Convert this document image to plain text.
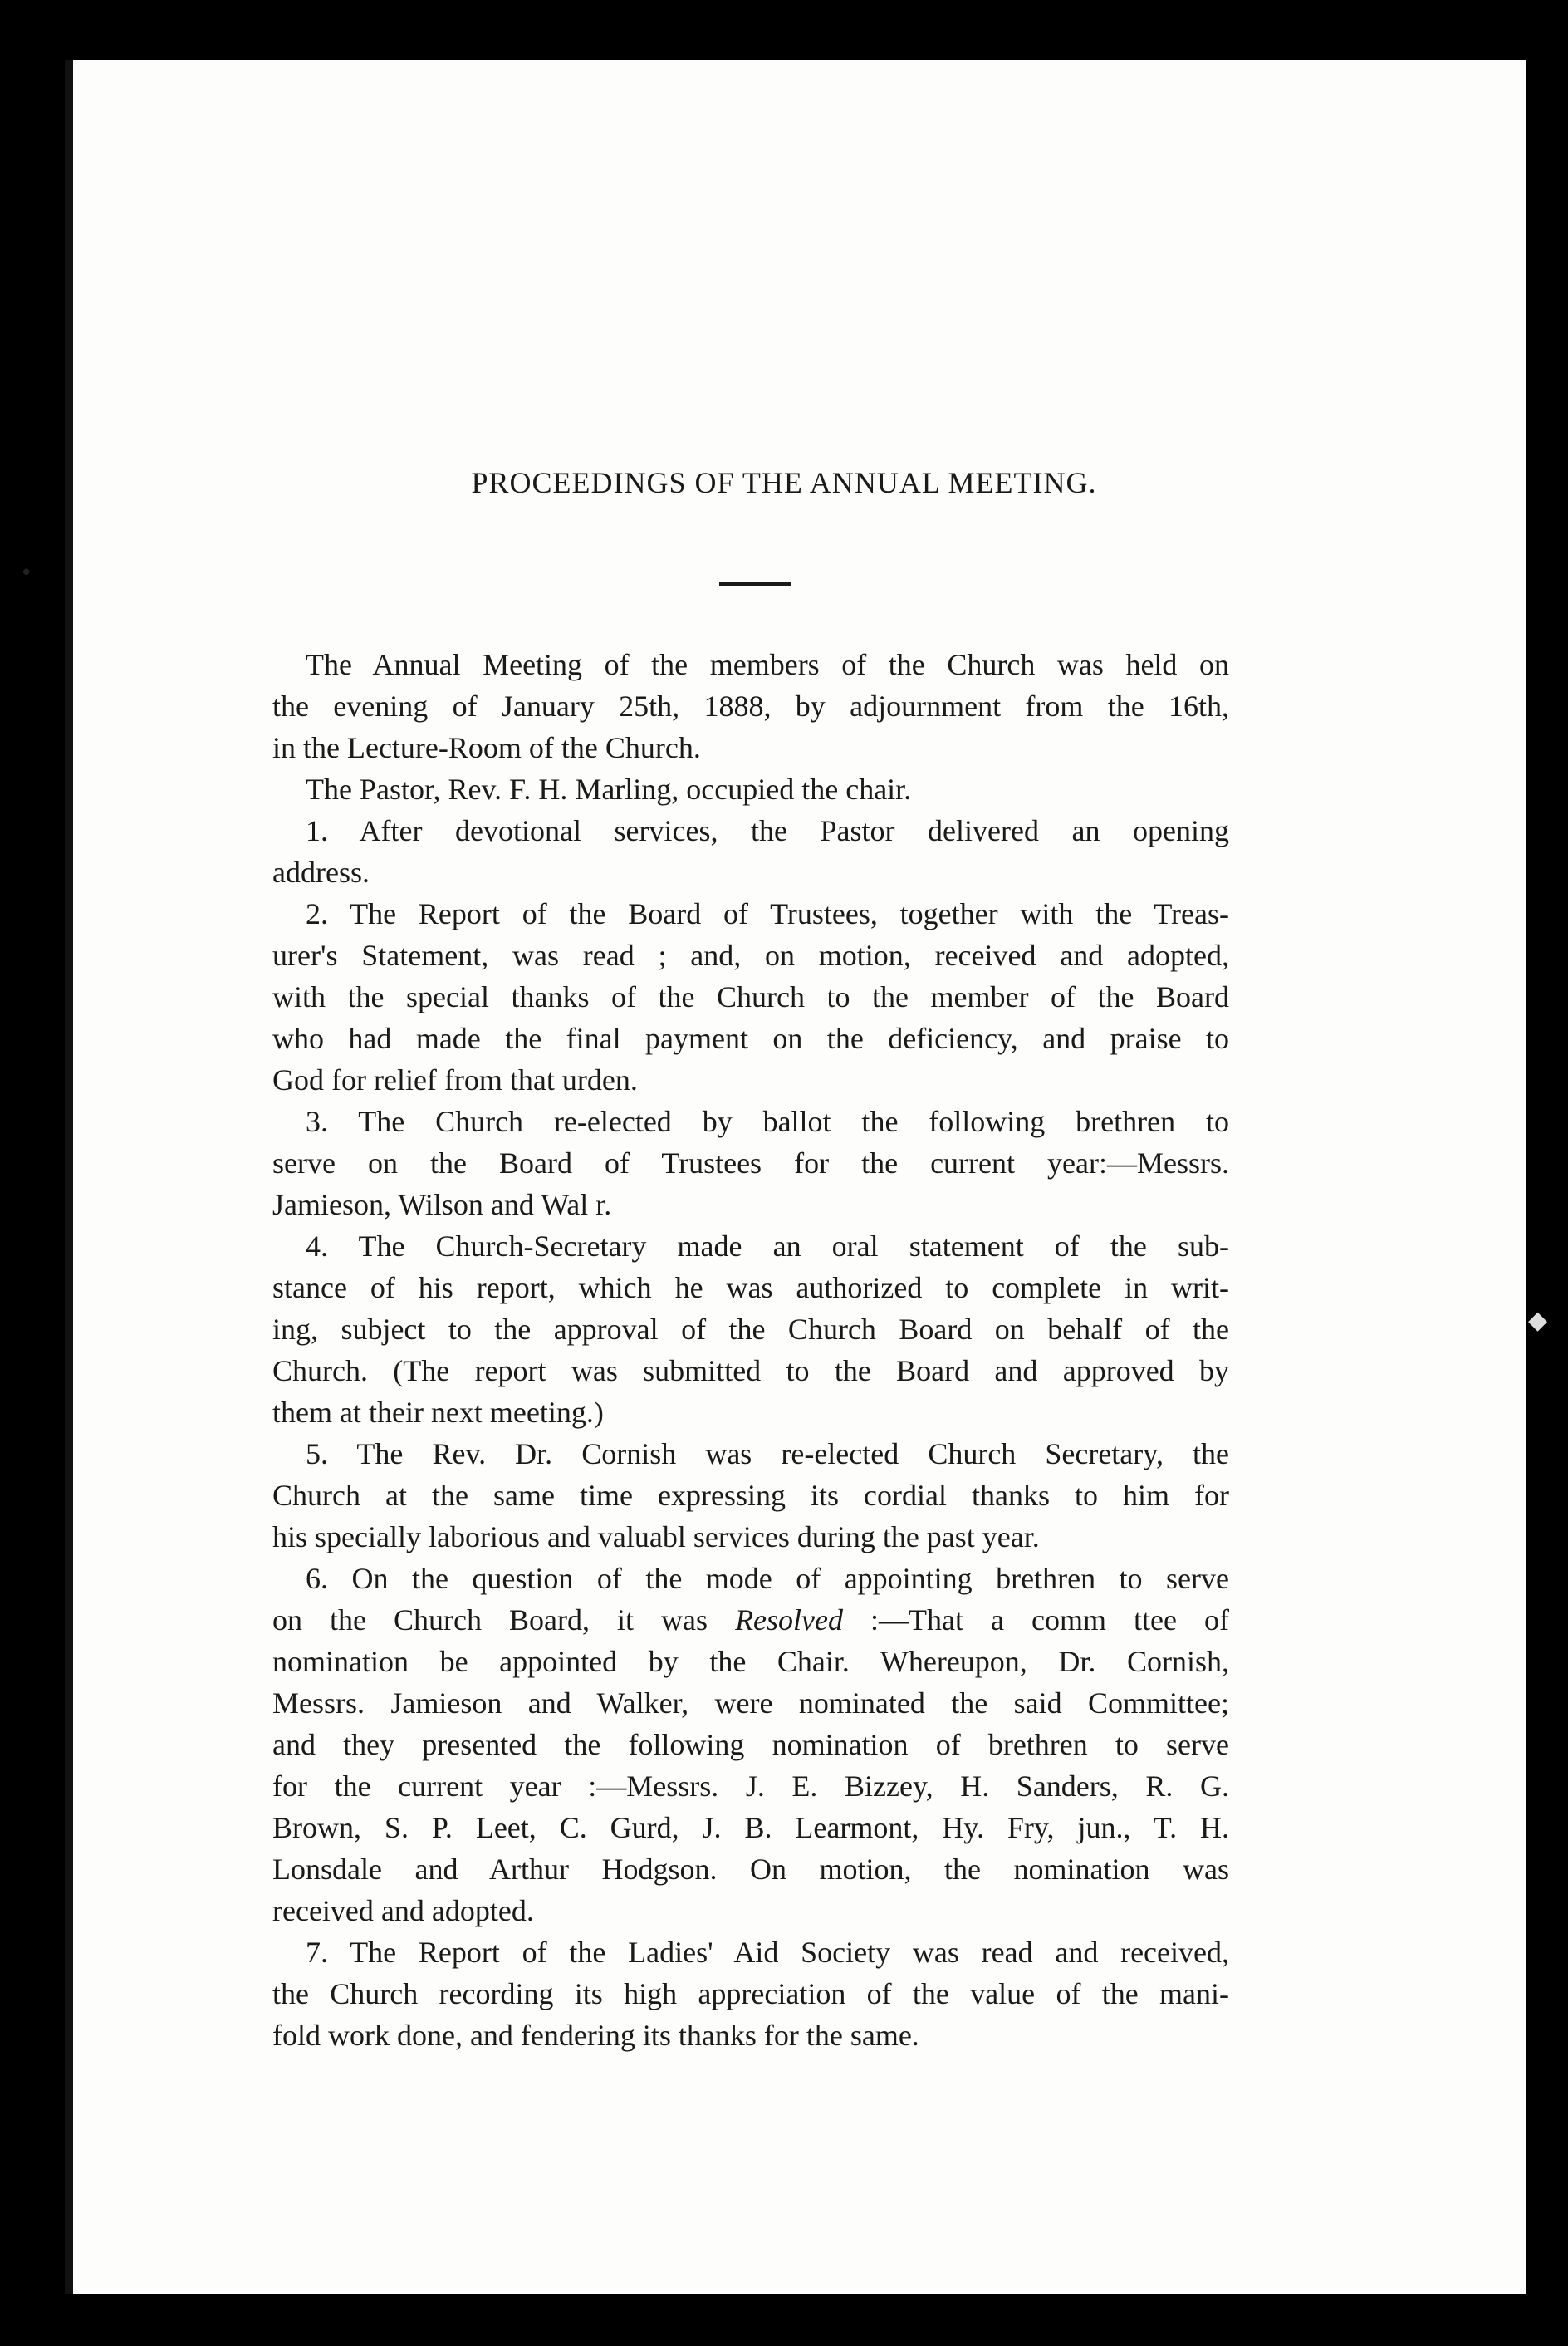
•
◆
PROCEEDINGS OF THE ANNUAL MEETING.
The Annual Meeting of the members of the Church was held on
the evening of January 25th, 1888, by adjournment from the 16th,
in the Lecture-Room of the Church.
The Pastor, Rev. F. H. Marling, occupied the chair.
1. After devotional services, the Pastor delivered an opening
address.
2. The Report of the Board of Trustees, together with the Treas-
urer's Statement, was read ; and, on motion, received and adopted,
with the special thanks of the Church to the member of the Board
who had made the final payment on the deficiency, and praise to
God for relief from that urden.
3. The Church re-elected by ballot the following brethren to
serve on the Board of Trustees for the current year:—Messrs.
Jamieson, Wilson and Wal r.
4. The Church-Secretary made an oral statement of the sub-
stance of his report, which he was authorized to complete in writ-
ing, subject to the approval of the Church Board on behalf of the
Church. (The report was submitted to the Board and approved by
them at their next meeting.)
5. The Rev. Dr. Cornish was re-elected Church Secretary, the
Church at the same time expressing its cordial thanks to him for
his specially laborious and valuabl services during the past year.
6. On the question of the mode of appointing brethren to serve
on the Church Board, it was Resolved :—That a comm ttee of
nomination be appointed by the Chair. Whereupon, Dr. Cornish,
Messrs. Jamieson and Walker, were nominated the said Committee;
and they presented the following nomination of brethren to serve
for the current year :—Messrs. J. E. Bizzey, H. Sanders, R. G.
Brown, S. P. Leet, C. Gurd, J. B. Learmont, Hy. Fry, jun., T. H.
Lonsdale and Arthur Hodgson. On motion, the nomination was
received and adopted.
7. The Report of the Ladies' Aid Society was read and received,
the Church recording its high appreciation of the value of the mani-
fold work done, and fendering its thanks for the same.
